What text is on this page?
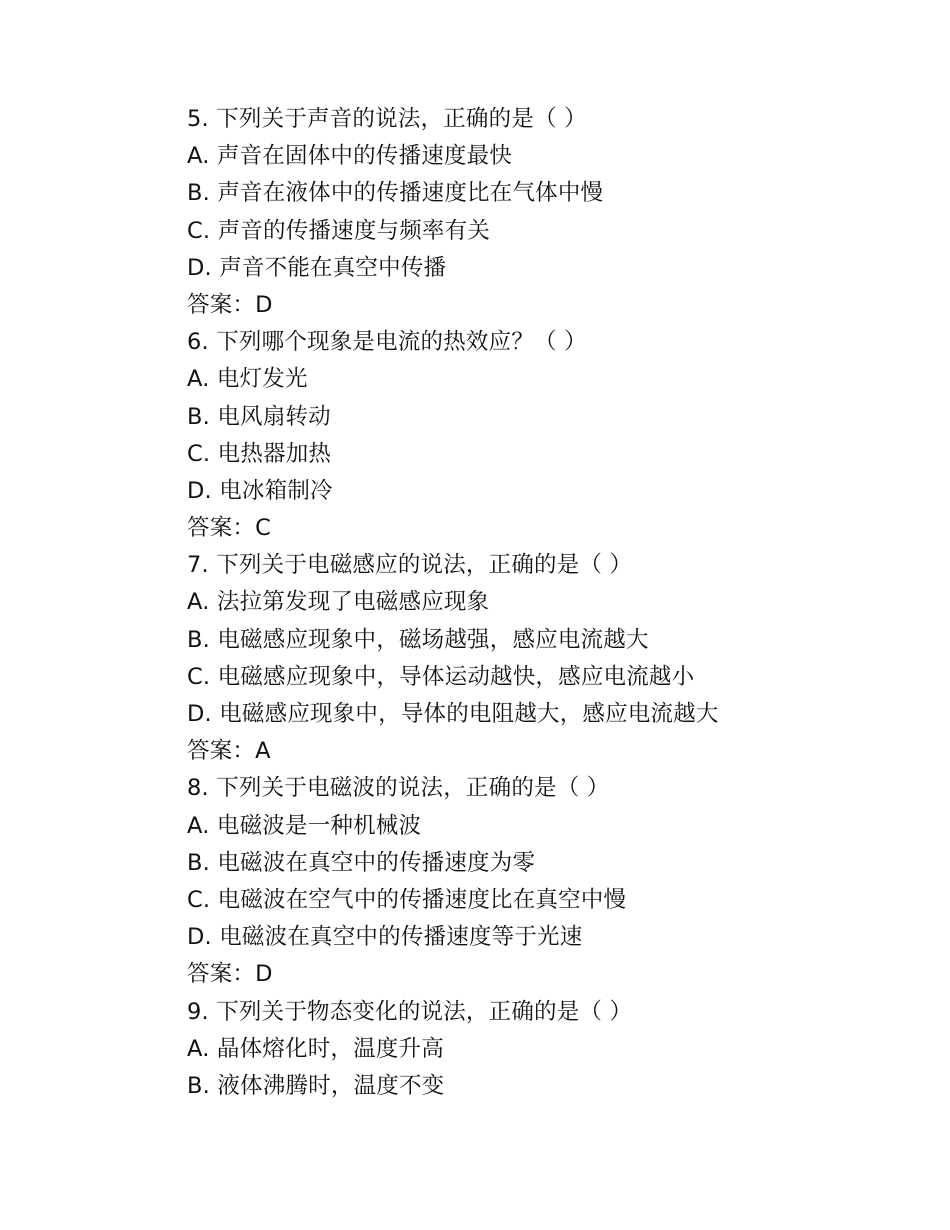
5. 下列关于声音的说法，正确的是（ ）
A. 声音在固体中的传播速度最快
B. 声音在液体中的传播速度比在气体中慢
C. 声音的传播速度与频率有关
D. 声音不能在真空中传播
答案：D
6. 下列哪个现象是电流的热效应？（ ）
A. 电灯发光
B. 电风扇转动
C. 电热器加热
D. 电冰箱制冷
答案：C
7. 下列关于电磁感应的说法，正确的是（ ）
A. 法拉第发现了电磁感应现象
B. 电磁感应现象中，磁场越强，感应电流越大
C. 电磁感应现象中，导体运动越快，感应电流越小
D. 电磁感应现象中，导体的电阻越大，感应电流越大
答案：A
8. 下列关于电磁波的说法，正确的是（ ）
A. 电磁波是一种机械波
B. 电磁波在真空中的传播速度为零
C. 电磁波在空气中的传播速度比在真空中慢
D. 电磁波在真空中的传播速度等于光速
答案：D
9. 下列关于物态变化的说法，正确的是（ ）
A. 晶体熔化时，温度升高
B. 液体沸腾时，温度不变
